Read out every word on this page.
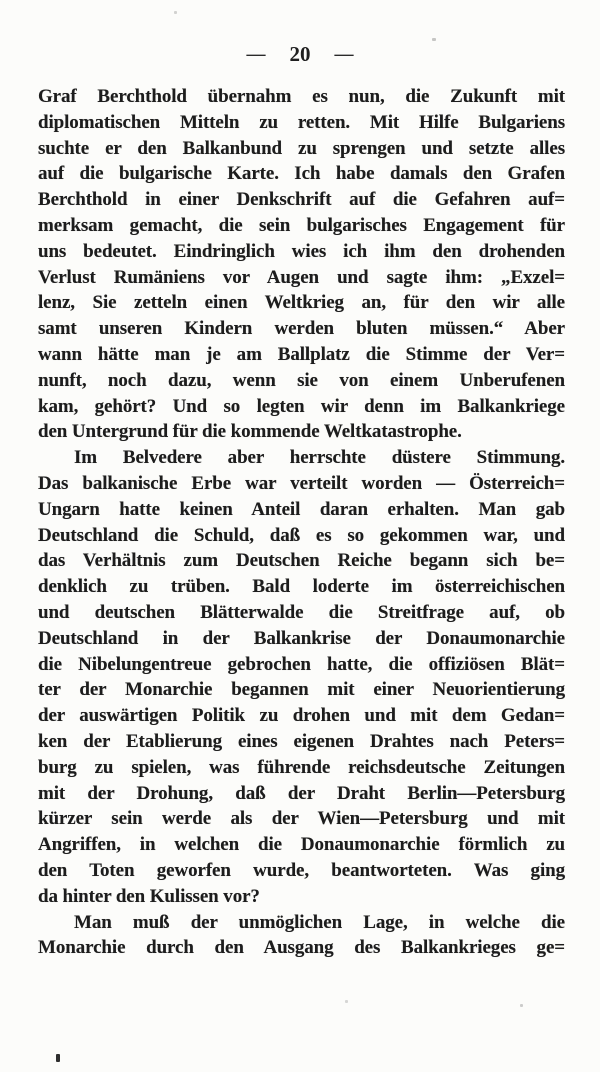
— 20 —
Graf Berchthold übernahm es nun, die Zukunft mit
diplomatischen Mitteln zu retten. Mit Hilfe Bulgariens
suchte er den Balkanbund zu sprengen und setzte alles
auf die bulgarische Karte. Ich habe damals den Grafen
Berchthold in einer Denkschrift auf die Gefahren auf=
merksam gemacht, die sein bulgarisches Engagement für
uns bedeutet. Eindringlich wies ich ihm den drohenden
Verlust Rumäniens vor Augen und sagte ihm: „Exzel=
lenz, Sie zetteln einen Weltkrieg an, für den wir alle
samt unseren Kindern werden bluten müssen.“ Aber
wann hätte man je am Ballplatz die Stimme der Ver=
nunft, noch dazu, wenn sie von einem Unberufenen
kam, gehört? Und so legten wir denn im Balkankriege
den Untergrund für die kommende Weltkatastrophe.
Im Belvedere aber herrschte düstere Stimmung.
Das balkanische Erbe war verteilt worden — Österreich=
Ungarn hatte keinen Anteil daran erhalten. Man gab
Deutschland die Schuld, daß es so gekommen war, und
das Verhältnis zum Deutschen Reiche begann sich be=
denklich zu trüben. Bald loderte im österreichischen
und deutschen Blätterwalde die Streitfrage auf, ob
Deutschland in der Balkankrise der Donaumonarchie
die Nibelungentreue gebrochen hatte, die offiziösen Blät=
ter der Monarchie begannen mit einer Neuorientierung
der auswärtigen Politik zu drohen und mit dem Gedan=
ken der Etablierung eines eigenen Drahtes nach Peters=
burg zu spielen, was führende reichsdeutsche Zeitungen
mit der Drohung, daß der Draht Berlin—Petersburg
kürzer sein werde als der Wien—Petersburg und mit
Angriffen, in welchen die Donaumonarchie förmlich zu
den Toten geworfen wurde, beantworteten. Was ging
da hinter den Kulissen vor?
Man muß der unmöglichen Lage, in welche die
Monarchie durch den Ausgang des Balkankrieges ge=
